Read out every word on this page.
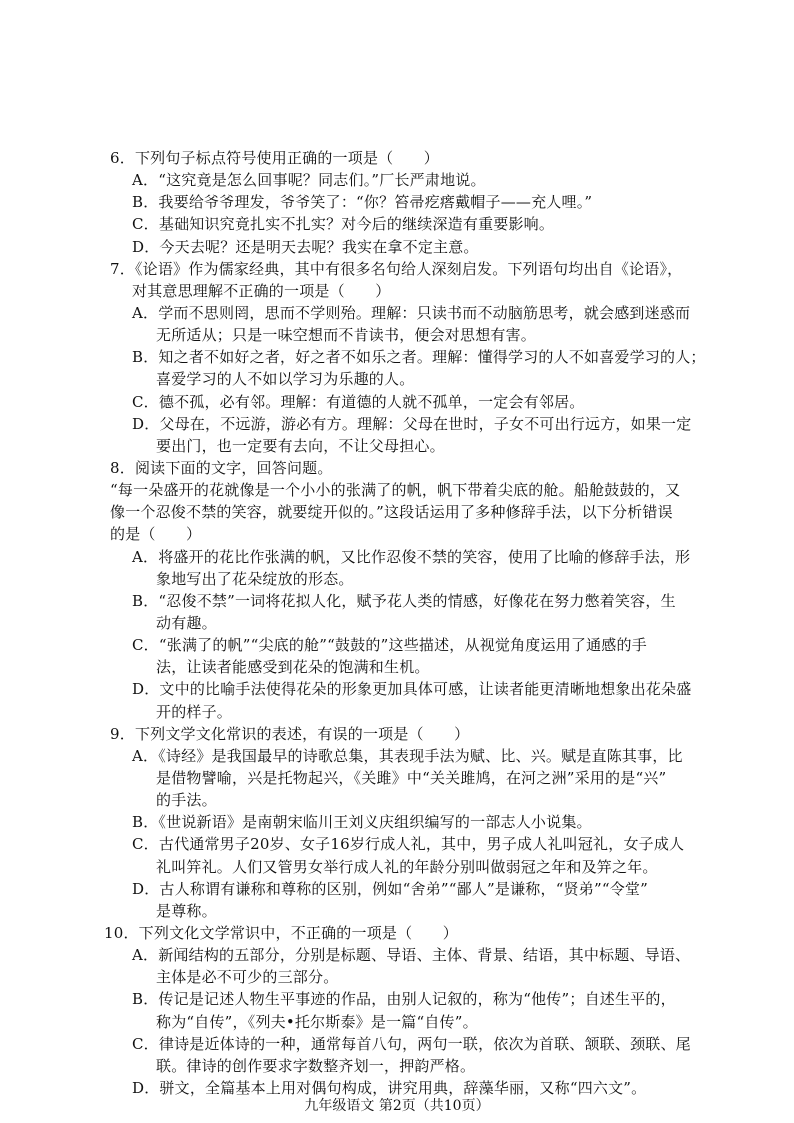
6．下列句子标点符号使用正确的一项是（　　）
A．“这究竟是怎么回事呢？同志们。”厂长严肃地说。
B．我要给爷爷理发，爷爷笑了：“你？笞帚疙瘩戴帽子——充人哩。”
C．基础知识究竟扎实不扎实？对今后的继续深造有重要影响。
D．今天去呢？还是明天去呢？我实在拿不定主意。
7．《论语》作为儒家经典，其中有很多名句给人深刻启发。下列语句均出自《论语》，
对其意思理解不正确的一项是（　　）
A．学而不思则罔，思而不学则殆。理解：只读书而不动脑筋思考，就会感到迷惑而
无所适从；只是一味空想而不肯读书，便会对思想有害。
B．知之者不如好之者，好之者不如乐之者。理解：懂得学习的人不如喜爱学习的人；
喜爱学习的人不如以学习为乐趣的人。
C．德不孤，必有邻。理解：有道德的人就不孤单，一定会有邻居。
D．父母在，不远游，游必有方。理解：父母在世时，子女不可出行远方，如果一定
要出门，也一定要有去向，不让父母担心。
8．阅读下面的文字，回答问题。
“每一朵盛开的花就像是一个小小的张满了的帆，帆下带着尖底的舱。船舱鼓鼓的，又
像一个忍俊不禁的笑容，就要绽开似的。”这段话运用了多种修辞手法，以下分析错误
的是（　　）
A．将盛开的花比作张满的帆，又比作忍俊不禁的笑容，使用了比喻的修辞手法，形
象地写出了花朵绽放的形态。
B．“忍俊不禁”一词将花拟人化，赋予花人类的情感，好像花在努力憋着笑容，生
动有趣。
C．“张满了的帆”“尖底的舱”“鼓鼓的”这些描述，从视觉角度运用了通感的手
法，让读者能感受到花朵的饱满和生机。
D．文中的比喻手法使得花朵的形象更加具体可感，让读者能更清晰地想象出花朵盛
开的样子。
9．下列文学文化常识的表述，有误的一项是（　　）
A．《诗经》是我国最早的诗歌总集，其表现手法为赋、比、兴。赋是直陈其事，比
是借物譬喻，兴是托物起兴，《关雎》中“关关雎鸠，在河之洲”采用的是“兴”
的手法。
B．《世说新语》是南朝宋临川王刘义庆组织编写的一部志人小说集。
C．古代通常男子20岁、女子16岁行成人礼，其中，男子成人礼叫冠礼，女子成人
礼叫笄礼。人们又管男女举行成人礼的年龄分别叫做弱冠之年和及笄之年。
D．古人称谓有谦称和尊称的区别，例如“舍弟”“鄙人”是谦称，“贤弟”“令堂”
是尊称。
10．下列文化文学常识中，不正确的一项是（　　）
A．新闻结构的五部分，分别是标题、导语、主体、背景、结语，其中标题、导语、
主体是必不可少的三部分。
B．传记是记述人物生平事迹的作品，由别人记叙的，称为“他传”；自述生平的，
称为“自传”，《列夫•托尔斯泰》是一篇“自传”。
C．律诗是近体诗的一种，通常每首八句，两句一联，依次为首联、颔联、颈联、尾
九年级语文 第2页（共10页）
联。律诗的创作要求字数整齐划一，押韵严格。
D．骈文，全篇基本上用对偶句构成，讲究用典，辞藻华丽，又称“四六文”。
